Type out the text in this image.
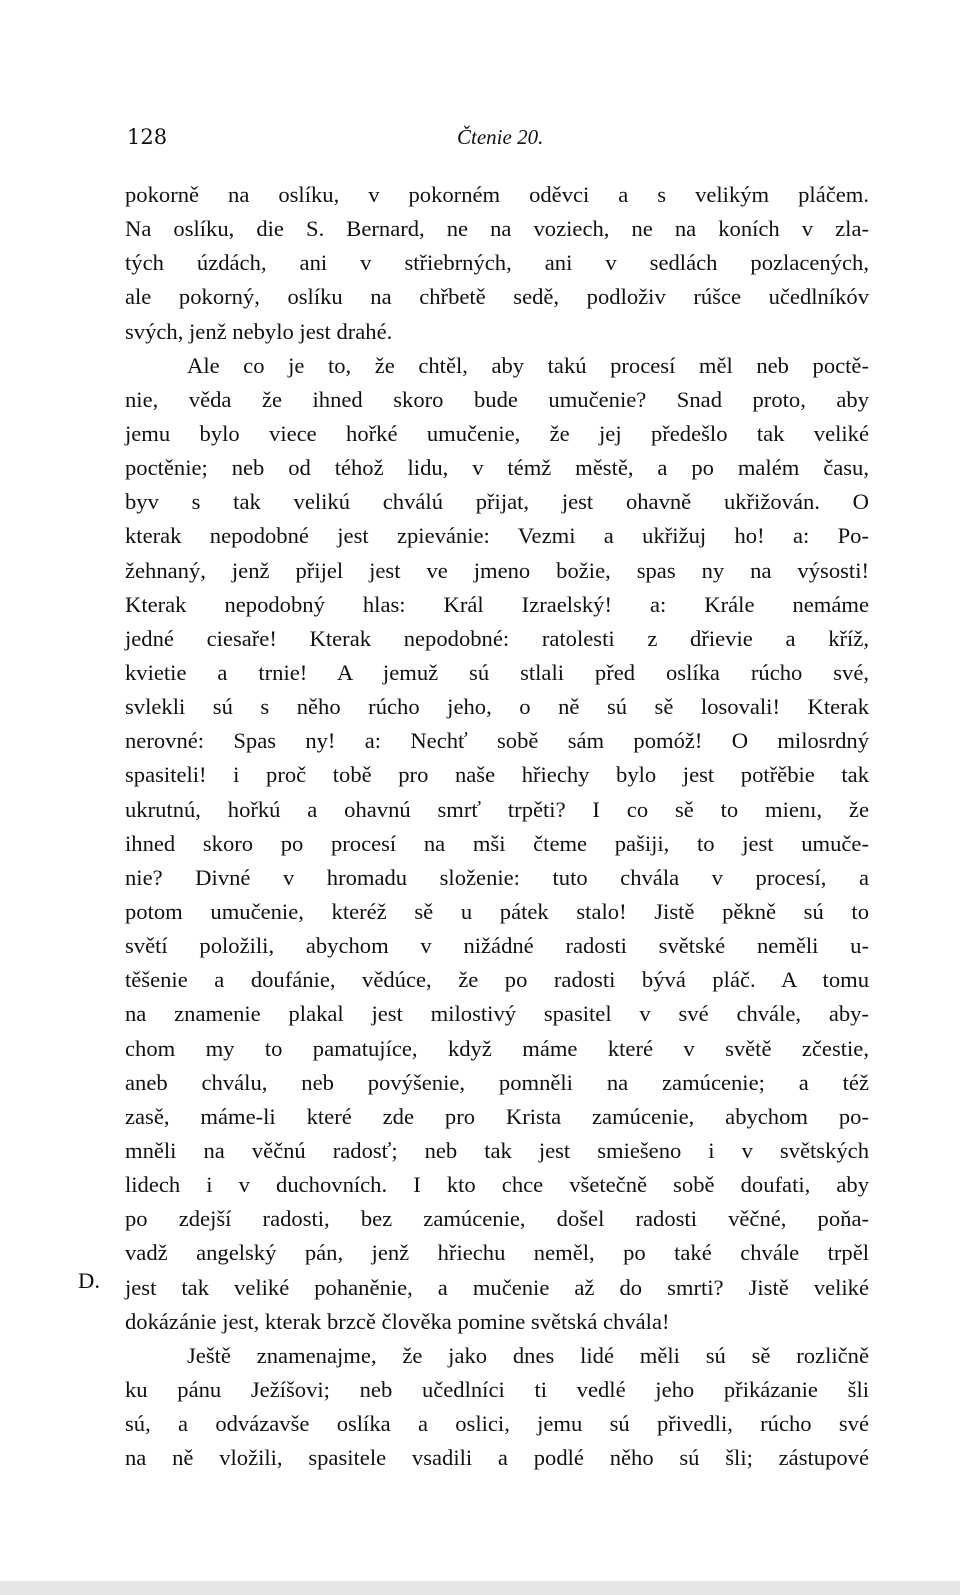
128	Čtenie 20.
D.
pokorně na oslíku, v pokorném oděvci a s velikým pláčem.
Na oslíku, die S. Bernard, ne na voziech, ne na koních v zla-
tých úzdách, ani v střiebrných, ani v sedlách pozlacených,
ale pokorný, oslíku na chřbetě sedě, podloživ rúšce učedlníkóv
svých, jenž nebylo jest drahé.
Ale co je to, že chtěl, aby takú procesí měl neb poctě-
nie, věda že ihned skoro bude umučenie? Snad proto, aby
jemu bylo viece hořké umučenie, že jej předešlo tak veliké
poctěnie; neb od téhož lidu, v témž městě, a po malém času,
byv s tak velikú chválú přijat, jest ohavně ukřižován. O
kterak nepodobné jest zpievánie: Vezmi a ukřižuj ho! a: Po-
žehnaný, jenž přijel jest ve jmeno božie, spas ny na výsosti!
Kterak nepodobný hlas: Král Izraelský! a: Krále nemáme
jedné ciesaře! Kterak nepodobné: ratolesti z dřievie a kříž,
kvietie a trnie! A jemuž sú stlali před oslíka rúcho své,
svlekli sú s něho rúcho jeho, o ně sú sě losovali! Kterak
nerovné: Spas ny! a: Nechť sobě sám pomóž! O milosrdný
spasiteli! i proč tobě pro naše hřiechy bylo jest potřěbie tak
ukrutnú, hořkú a ohavnú smrť trpěti? I co sě to mienı, že
ihned skoro po procesí na mši čteme pašiji, to jest umuče-
nie? Divné v hromadu složenie: tuto chvála v procesí, a
potom umučenie, kteréž sě u pátek stalo! Jistě pěkně sú to
světí položili, abychom v nižádné radosti světské neměli u-
těšenie a doufánie, vědúce, že po radosti bývá pláč. A tomu
na znamenie plakal jest milostivý spasitel v své chvále, aby-
chom my to pamatujíce, když máme které v světě zčestie,
aneb chválu, neb povýšenie, pomněli na zamúcenie; a též
zasě, máme-li které zde pro Krista zamúcenie, abychom po-
mněli na věčnú radosť; neb tak jest smiešeno i v světských
lidech i v duchovních. I kto chce všetečně sobě doufati, aby
po zdejší radosti, bez zamúcenie, došel radosti věčné, poňa-
vadž angelský pán, jenž hřiechu neměl, po také chvále trpěl
jest tak veliké pohaněnie, a mučenie až do smrti? Jistě veliké
dokázánie jest, kterak brzcě člověka pomine světská chvála!
Ještě znamenajme, že jako dnes lidé měli sú sě rozličně
ku pánu Ježíšovi; neb učedlníci ti vedlé jeho přikázanie šli
sú, a odvázavše oslíka a oslici, jemu sú přivedli, rúcho své
na ně vložili, spasitele vsadili a podlé něho sú šli; zástupové
